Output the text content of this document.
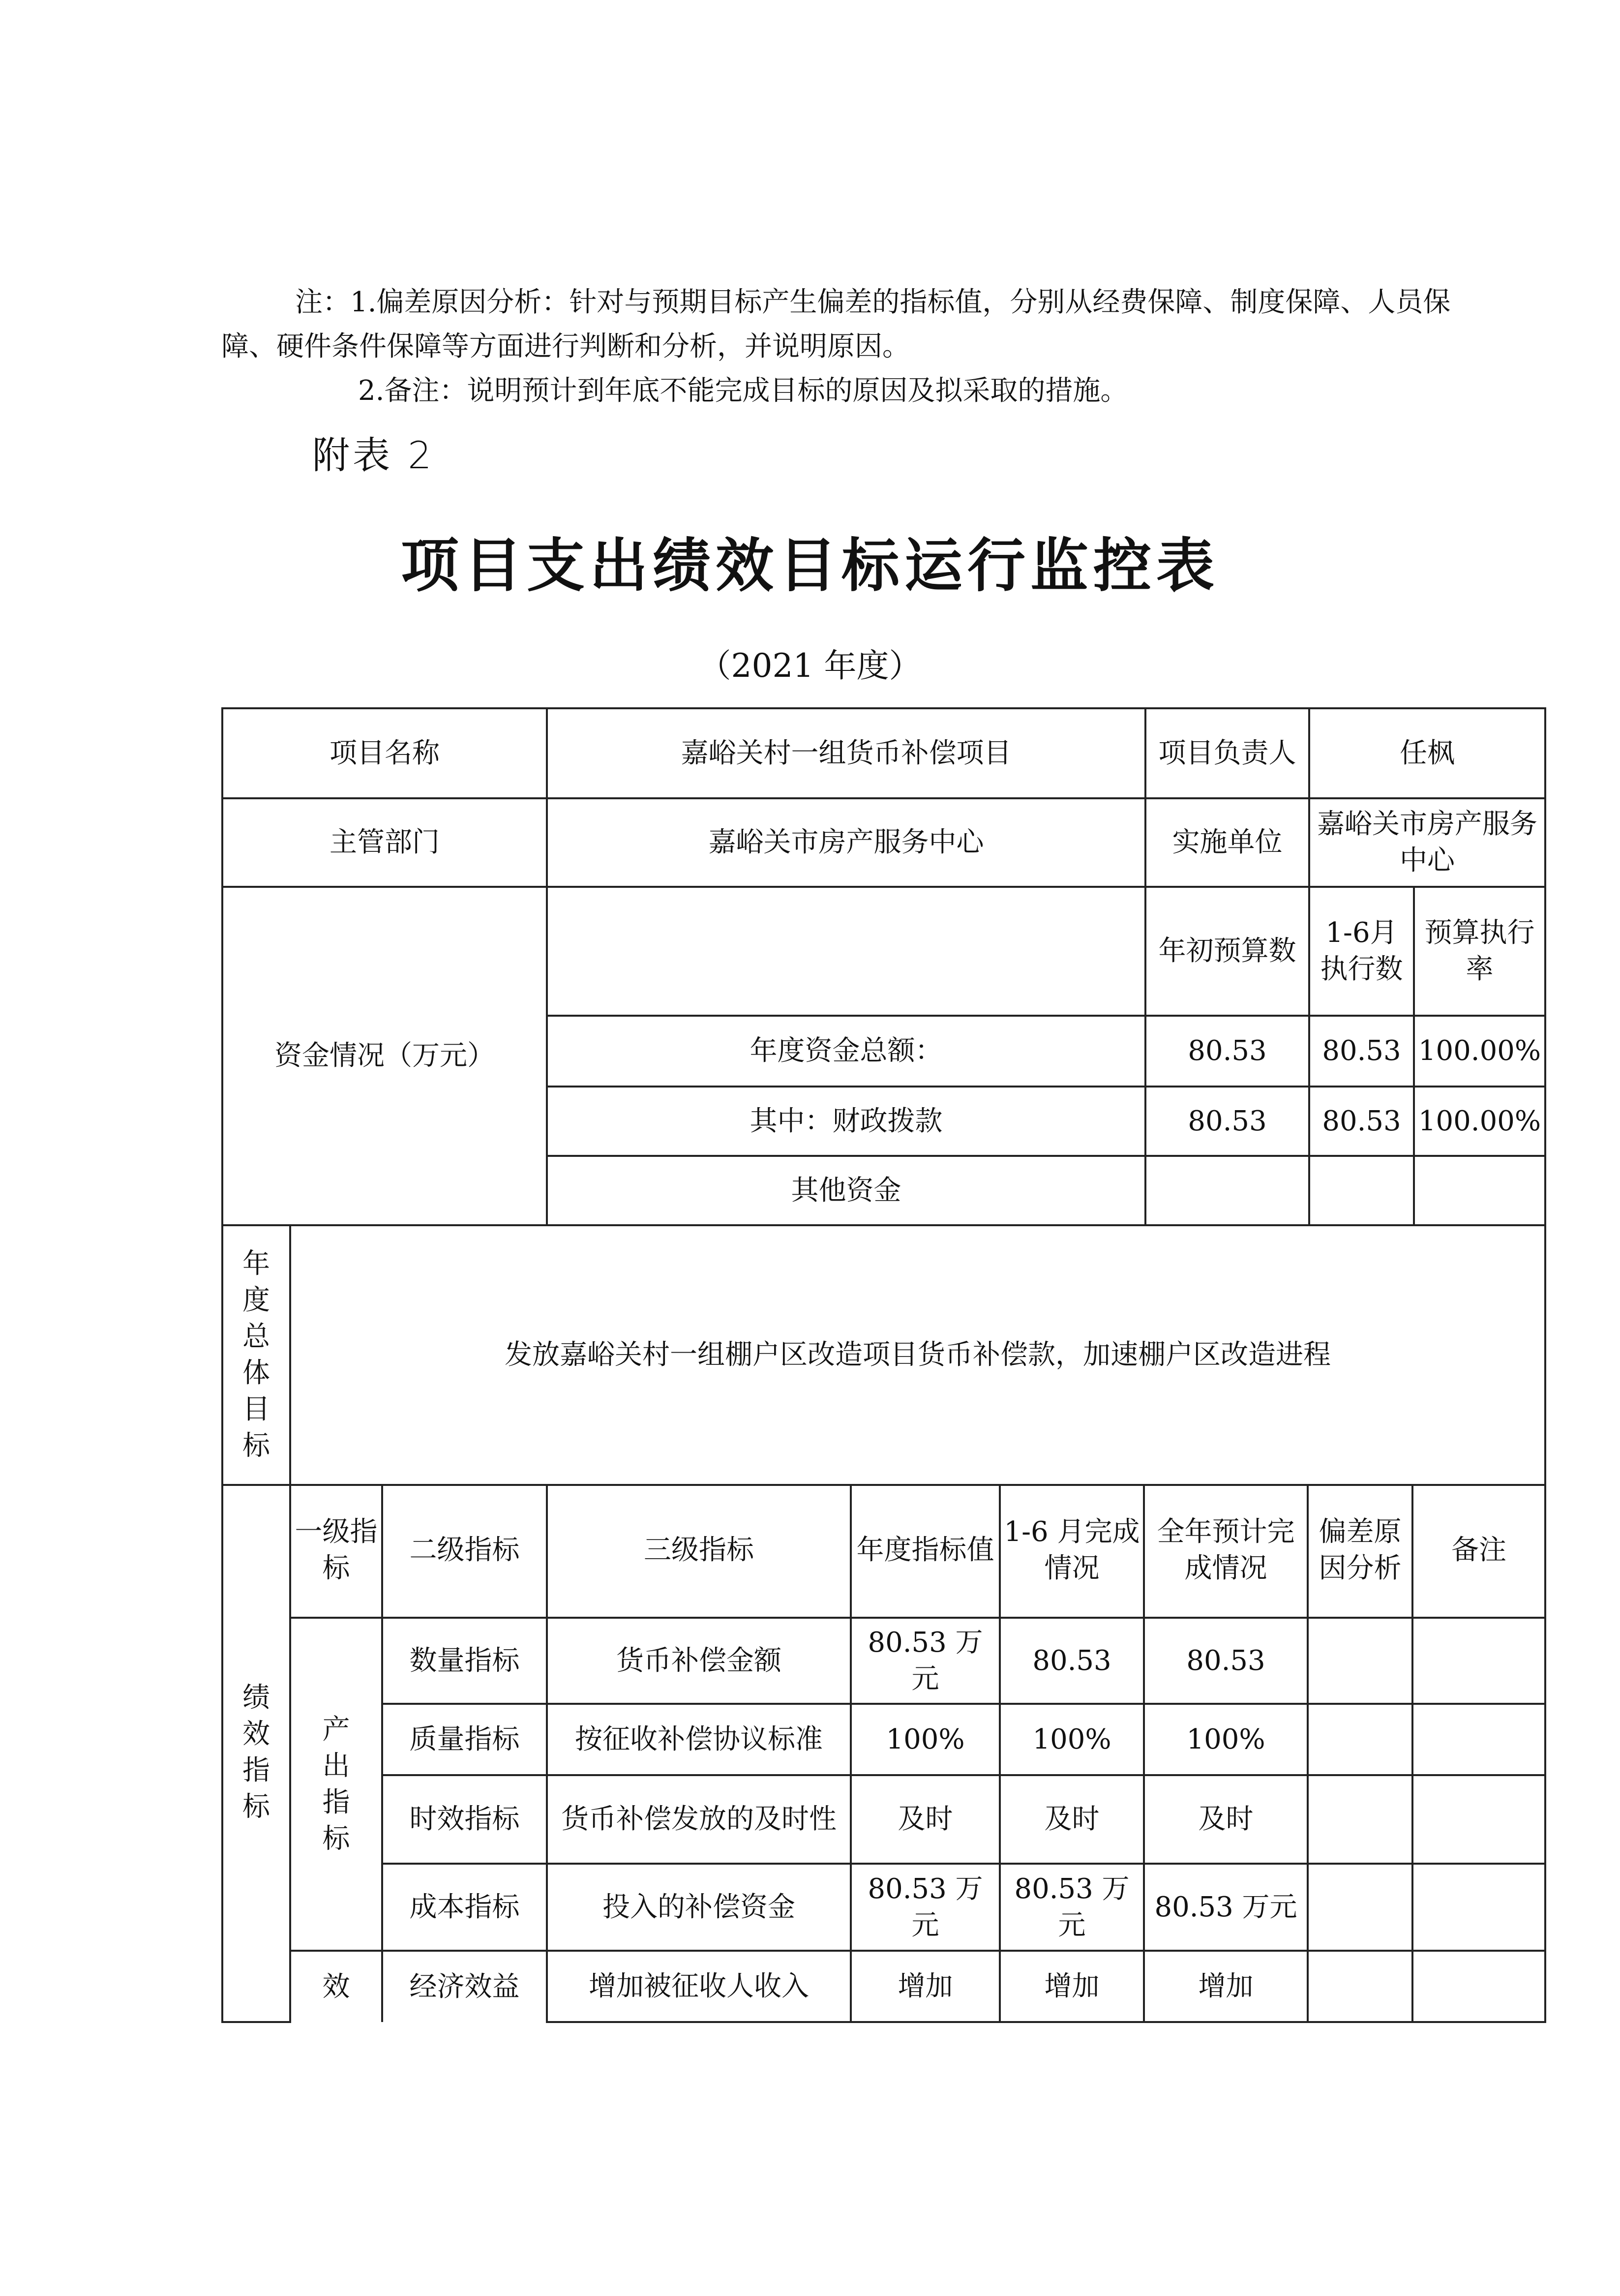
注：1.偏差原因分析：针对与预期目标产生偏差的指标值，分别从经费保障、制度保障、人员保
障、硬件条件保障等方面进行判断和分析，并说明原因。
2.备注：说明预计到年底不能完成目标的原因及拟采取的措施。
附表 2
项目支出绩效目标运行监控表
（2021 年度）
项目名称		嘉峪关村一组货币补偿项目	项目负责人	任枫	
主管部门		嘉峪关市房产服务中心	实施单位	嘉峪关市房产服务中心	
资金情况（万元）			年初预算数	1-6月执行数	预算执行率
		年度资金总额：	80.53	80.53	100.00%
		其中：财政拨款	80.53	80.53	100.00%
		其他资金			
年度总体目标	发放嘉峪关村一组棚户区改造项目货币补偿款，加速棚户区改造进程				
绩效指标	一级指标	二级指标	三级指标	年度指标值	1-6 月完成情况	全年预计完成情况	偏差原因分析	备注
	产出指标	数量指标	货币补偿金额	80.53 万元	80.53	80.53		
		质量指标	按征收补偿协议标准	100%	100%	100%		
		时效指标	货币补偿发放的及时性	及时	及时	及时		
		成本指标	投入的补偿资金	80.53 万元	80.53 万元	80.53 万元		
	效	经济效益	增加被征收人收入	增加	增加	增加		
